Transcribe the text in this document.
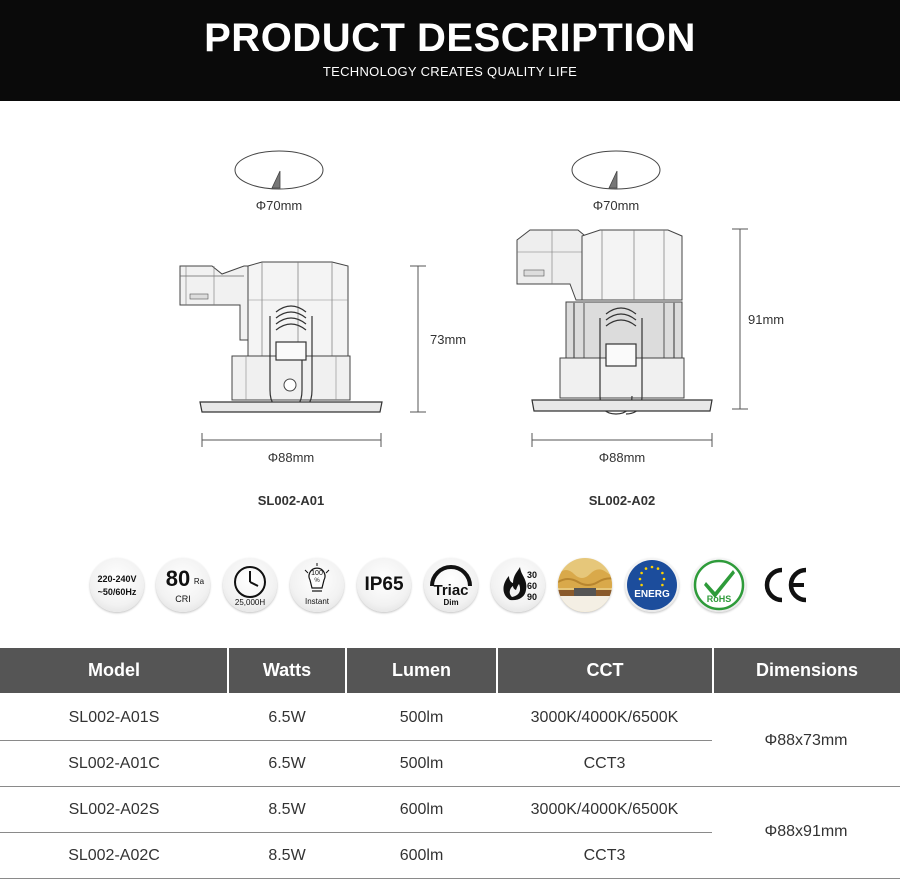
PRODUCT DESCRIPTION
TECHNOLOGY CREATES QUALITY LIFE
Φ70mm
73mm
Φ88mm
SL002-A01
Φ70mm
91mm
Φ88mm
SL002-A02
220-240V
~50/60Hz
80 Ra
CRI	25,000H
100
%
Instant
IP65	Triac
Dim
30
60
90	ENERG	RoHS
Model	Watts	Lumen	CCT	Dimensions
SL002-A01S	6.5W	500lm	3000K/4000K/6500K
SL002-A01C	6.5W	500lm	CCT3
Φ88x73mm
SL002-A02S	8.5W	600lm	3000K/4000K/6500K
SL002-A02C	8.5W	600lm	CCT3
Φ88x91mm
